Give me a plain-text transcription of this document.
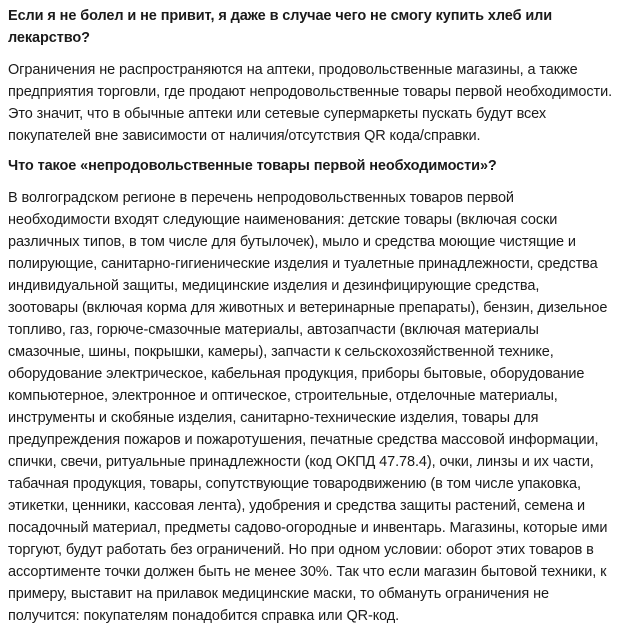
Если я не болел и не привит, я даже в случае чего не смогу купить хлеб или лекарство?
Ограничения не распространяются на аптеки, продовольственные магазины, а также предприятия торговли, где продают непродовольственные товары первой необходимости. Это значит, что в обычные аптеки или сетевые супермаркеты пускать будут всех покупателей вне зависимости от наличия/отсутствия QR кода/справки.
Что такое «непродовольственные товары первой необходимости»?
В волгоградском регионе в перечень непродовольственных товаров первой необходимости входят следующие наименования: детские товары (включая соски различных типов, в том числе для бутылочек), мыло и средства моющие чистящие и полирующие, санитарно-гигиенические изделия и туалетные принадлежности, средства индивидуальной защиты, медицинские изделия и дезинфицирующие средства, зоотовары (включая корма для животных и ветеринарные препараты), бензин, дизельное топливо, газ, горюче-смазочные материалы, автозапчасти (включая материалы смазочные, шины, покрышки, камеры), запчасти к сельскохозяйственной технике, оборудование электрическое, кабельная продукция, приборы бытовые, оборудование компьютерное, электронное и оптическое, строительные, отделочные материалы, инструменты и скобяные изделия, санитарно-технические изделия, товары для предупреждения пожаров и пожаротушения, печатные средства массовой информации, спички, свечи, ритуальные принадлежности (код ОКПД 47.78.4), очки, линзы и их части, табачная продукция, товары, сопутствующие товародвижению (в том числе упаковка, этикетки, ценники, кассовая лента), удобрения и средства защиты растений, семена и посадочный материал, предметы садово-огородные и инвентарь. Магазины, которые ими торгуют, будут работать без ограничений. Но при одном условии: оборот этих товаров в ассортименте точки должен быть не менее 30%. Так что если магазин бытовой техники, к примеру, выставит на прилавок медицинские маски, то обмануть ограничения не получится: покупателям понадобится справка или QR-код.
